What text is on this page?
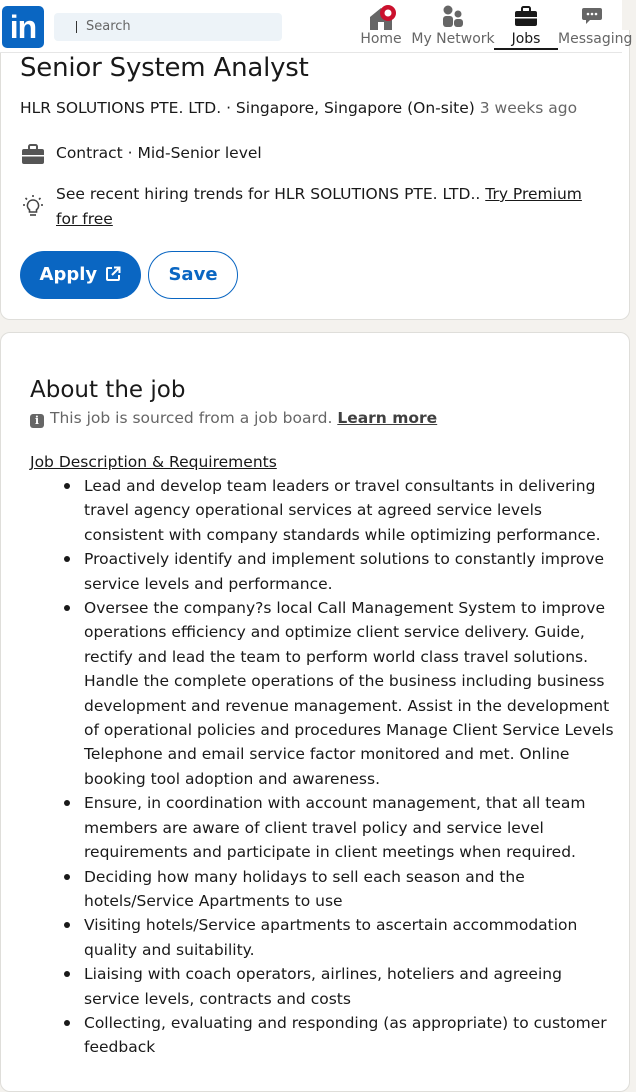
in	Search
Home My Network	Jobs	Messaging
Senior System Analyst
HLR SOLUTIONS PTE. LTD. · Singapore, Singapore (On-site) 3 weeks ago
Contract · Mid-Senior level
See recent hiring trends for HLR SOLUTIONS PTE. LTD.. Try Premium for free
Apply	Save
About the job
i This job is sourced from a job board. Learn more
Job Description & Requirements
Lead and develop team leaders or travel consultants in delivering travel agency operational services at agreed service levels consistent with company standards while optimizing performance.
Proactively identify and implement solutions to constantly improve service levels and performance.
Oversee the company?s local Call Management System to improve operations efficiency and optimize client service delivery. Guide, rectify and lead the team to perform world class travel solutions. Handle the complete operations of the business including business development and revenue management. Assist in the development of operational policies and procedures Manage Client Service Levels Telephone and email service factor monitored and met. Online booking tool adoption and awareness.
Ensure, in coordination with account management, that all team members are aware of client travel policy and service level requirements and participate in client meetings when required.
Deciding how many holidays to sell each season and the hotels/Service Apartments to use
Visiting hotels/Service apartments to ascertain accommodation quality and suitability.
Liaising with coach operators, airlines, hoteliers and agreeing service levels, contracts and costs
Collecting, evaluating and responding (as appropriate) to customer feedback
